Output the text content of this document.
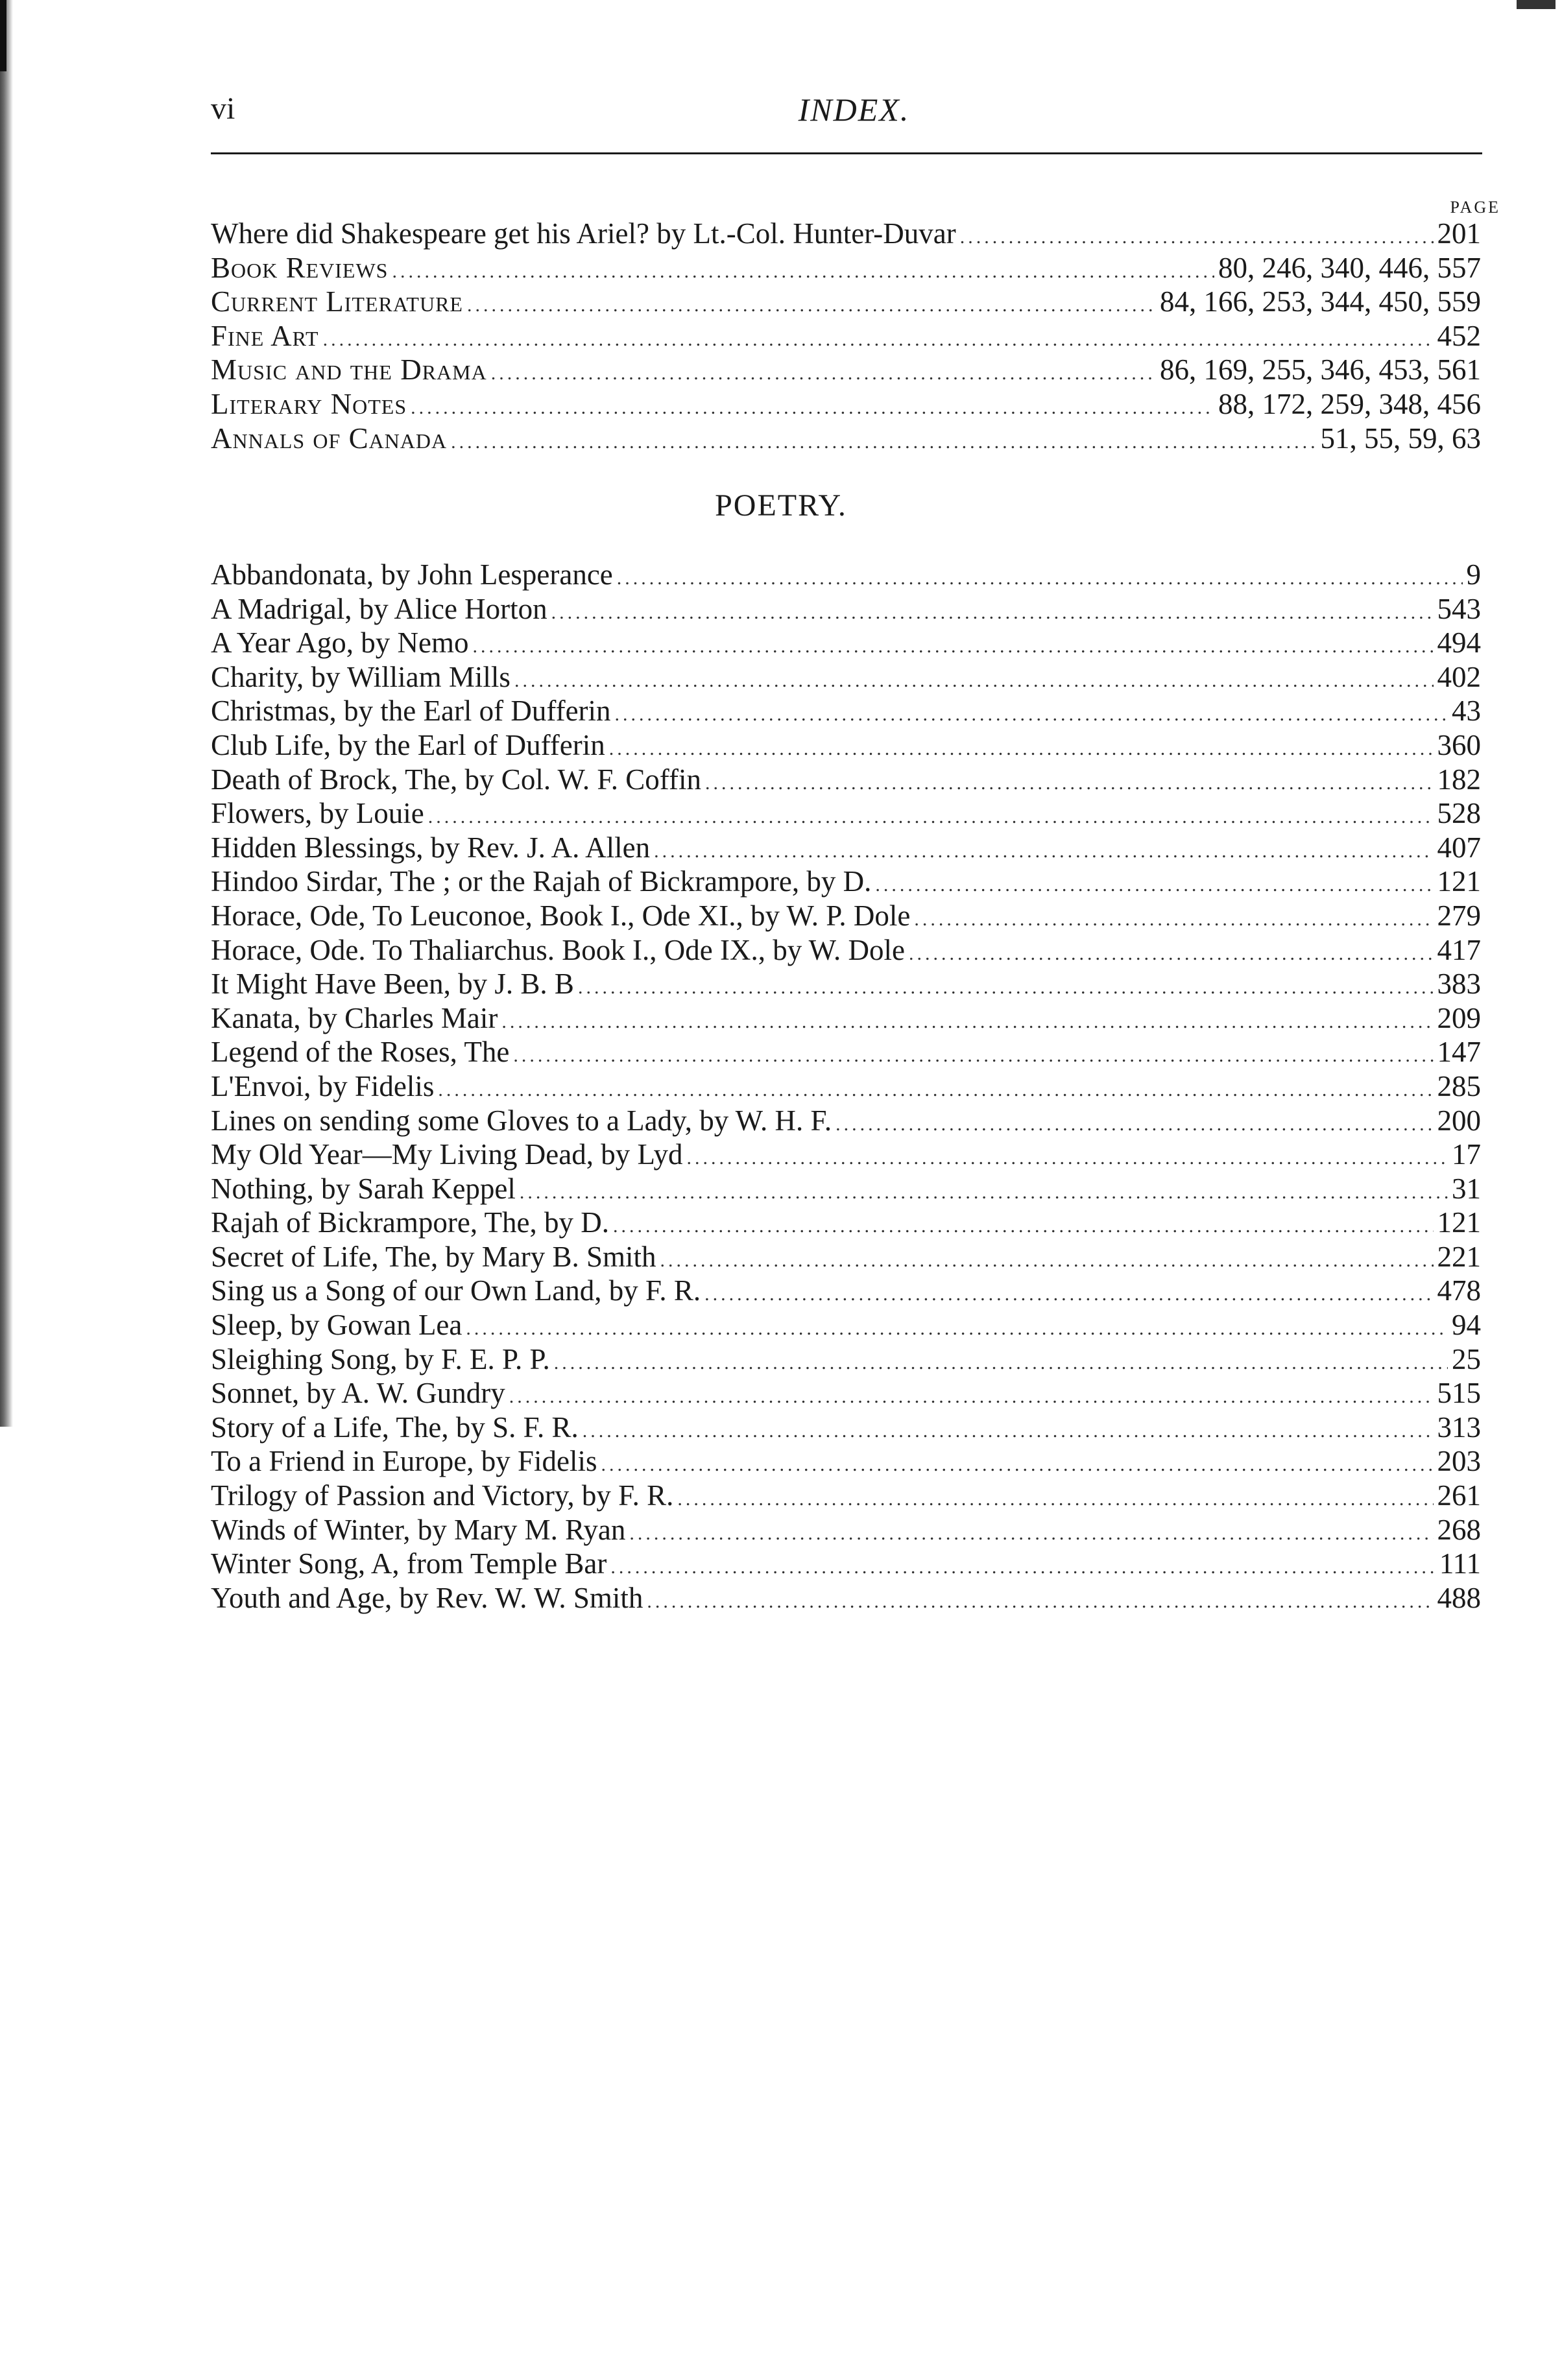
vi	INDEX.
PAGE
Where did Shakespeare get his Ariel? by Lt.-Col. Hunter-Duvar .....	201
Book Reviews .....	80, 246, 340, 446, 557
Current Literature .....	84, 166, 253, 344, 450, 559
Fine Art .....	452
Music and the Drama .....	86, 169, 255, 346, 453, 561
Literary Notes .....	88, 172, 259, 348, 456
Annals of Canada .....	51, 55, 59, 63
POETRY.
Abbandonata, by John Lesperance .....	9
A Madrigal, by Alice Horton .....	543
A Year Ago, by Nemo .....	494
Charity, by William Mills .....	402
Christmas, by the Earl of Dufferin .....	43
Club Life, by the Earl of Dufferin .....	360
Death of Brock, The, by Col. W. F. Coffin .....	182
Flowers, by Louie .....	528
Hidden Blessings, by Rev. J. A. Allen .....	407
Hindoo Sirdar, The ; or the Rajah of Bickrampore, by D. .....	121
Horace, Ode, To Leuconoe, Book I., Ode XI., by W. P. Dole .....	279
Horace, Ode. To Thaliarchus. Book I., Ode IX., by W. Dole .....	417
It Might Have Been, by J. B. B .....	383
Kanata, by Charles Mair .....	209
Legend of the Roses, The .....	147
L'Envoi, by Fidelis .....	285
Lines on sending some Gloves to a Lady, by W. H. F. .....	200
My Old Year—My Living Dead, by Lyd .....	17
Nothing, by Sarah Keppel .....	31
Rajah of Bickrampore, The, by D. .....	121
Secret of Life, The, by Mary B. Smith .....	221
Sing us a Song of our Own Land, by F. R. .....	478
Sleep, by Gowan Lea .....	94
Sleighing Song, by F. E. P. P. .....	25
Sonnet, by A. W. Gundry .....	515
Story of a Life, The, by S. F. R. .....	313
To a Friend in Europe, by Fidelis .....	203
Trilogy of Passion and Victory, by F. R. .....	261
Winds of Winter, by Mary M. Ryan .....	268
Winter Song, A, from Temple Bar .....	111
Youth and Age, by Rev. W. W. Smith .....	488
